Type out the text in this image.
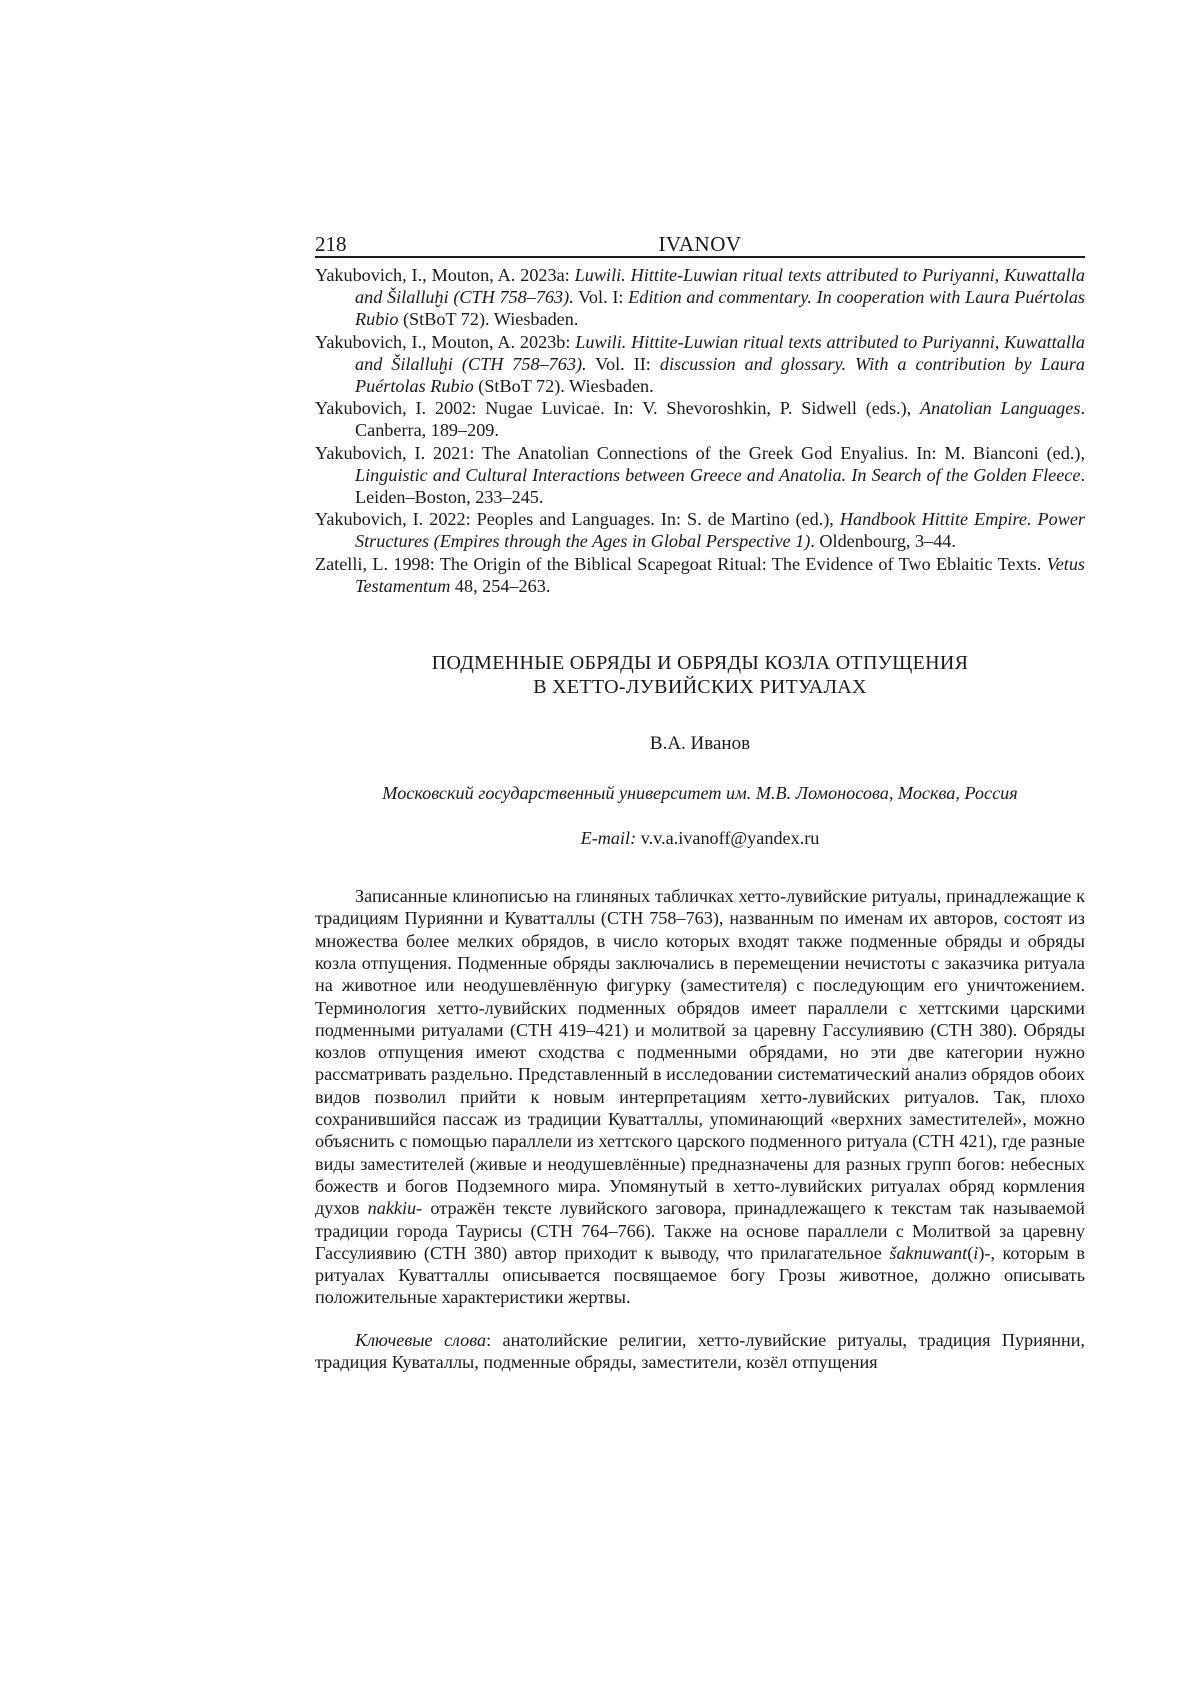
218	IVANOV
Yakubovich, I., Mouton, A. 2023a: Luwili. Hittite-Luwian ritual texts attributed to Puriyanni, Kuwattalla and Šilalluḫi (CTH 758–763). Vol. I: Edition and commentary. In cooperation with Laura Puértolas Rubio (StBoT 72). Wiesbaden.
Yakubovich, I., Mouton, A. 2023b: Luwili. Hittite-Luwian ritual texts attributed to Puriyanni, Kuwattalla and Šilalluḫi (CTH 758–763). Vol. II: discussion and glossary. With a contribution by Laura Puértolas Rubio (StBoT 72). Wiesbaden.
Yakubovich, I. 2002: Nugae Luvicae. In: V. Shevoroshkin, P. Sidwell (eds.), Anatolian Languages. Canberra, 189–209.
Yakubovich, I. 2021: The Anatolian Connections of the Greek God Enyalius. In: M. Bianconi (ed.), Linguistic and Cultural Interactions between Greece and Anatolia. In Search of the Golden Fleece. Leiden–Boston, 233–245.
Yakubovich, I. 2022: Peoples and Languages. In: S. de Martino (ed.), Handbook Hittite Empire. Power Structures (Empires through the Ages in Global Perspective 1). Oldenbourg, 3–44.
Zatelli, L. 1998: The Origin of the Biblical Scapegoat Ritual: The Evidence of Two Eblaitic Texts. Vetus Testamentum 48, 254–263.
ПОДМЕННЫЕ ОБРЯДЫ И ОБРЯДЫ КОЗЛА ОТПУЩЕНИЯ
В ХЕТТО-ЛУВИЙСКИХ РИТУАЛАХ
В.А. Иванов
Московский государственный университет им. М.В. Ломоносова, Москва, Россия
E-mail: v.v.a.ivanoff@yandex.ru
Записанные клинописью на глиняных табличках хетто-лувийские ритуалы, принадлежащие к традициям Пуриянни и Куватталлы (CTH 758–763), названным по именам их авторов, состоят из множества более мелких обрядов, в число которых входят также подменные обряды и обряды козла отпущения. Подменные обряды заключались в перемещении нечистоты с заказчика ритуала на животное или неодушевлённую фигурку (заместителя) с последующим его уничтожением. Терминология хетто-лувийских подменных обрядов имеет параллели с хеттскими царскими подменными ритуалами (CTH 419–421) и молитвой за царевну Гассулиявию (CTH 380). Обряды козлов отпущения имеют сходства с подменными обрядами, но эти две категории нужно рассматривать раздельно. Представленный в исследовании систематический анализ обрядов обоих видов позволил прийти к новым интерпретациям хетто-лувийских ритуалов. Так, плохо сохранившийся пассаж из традиции Куватталлы, упоминающий «верхних заместителей», можно объяснить с помощью параллели из хеттского царского подменного ритуала (CTH 421), где разные виды заместителей (живые и неодушевлённые) предназначены для разных групп богов: небесных божеств и богов Подземного мира. Упомянутый в хетто-лувийских ритуалах обряд кормления духов nakkiu- отражён тексте лувийского заговора, принадлежащего к текстам так называемой традиции города Таурисы (CTH 764–766). Также на основе параллели с Молитвой за царевну Гассулиявию (CTH 380) автор приходит к выводу, что прилагательное šaknuwant(i)-, которым в ритуалах Куватталлы описывается посвящаемое богу Грозы животное, должно описывать положительные характеристики жертвы.
Ключевые слова: анатолийские религии, хетто-лувийские ритуалы, традиция Пуриянни, традиция Куваталлы, подменные обряды, заместители, козёл отпущения
